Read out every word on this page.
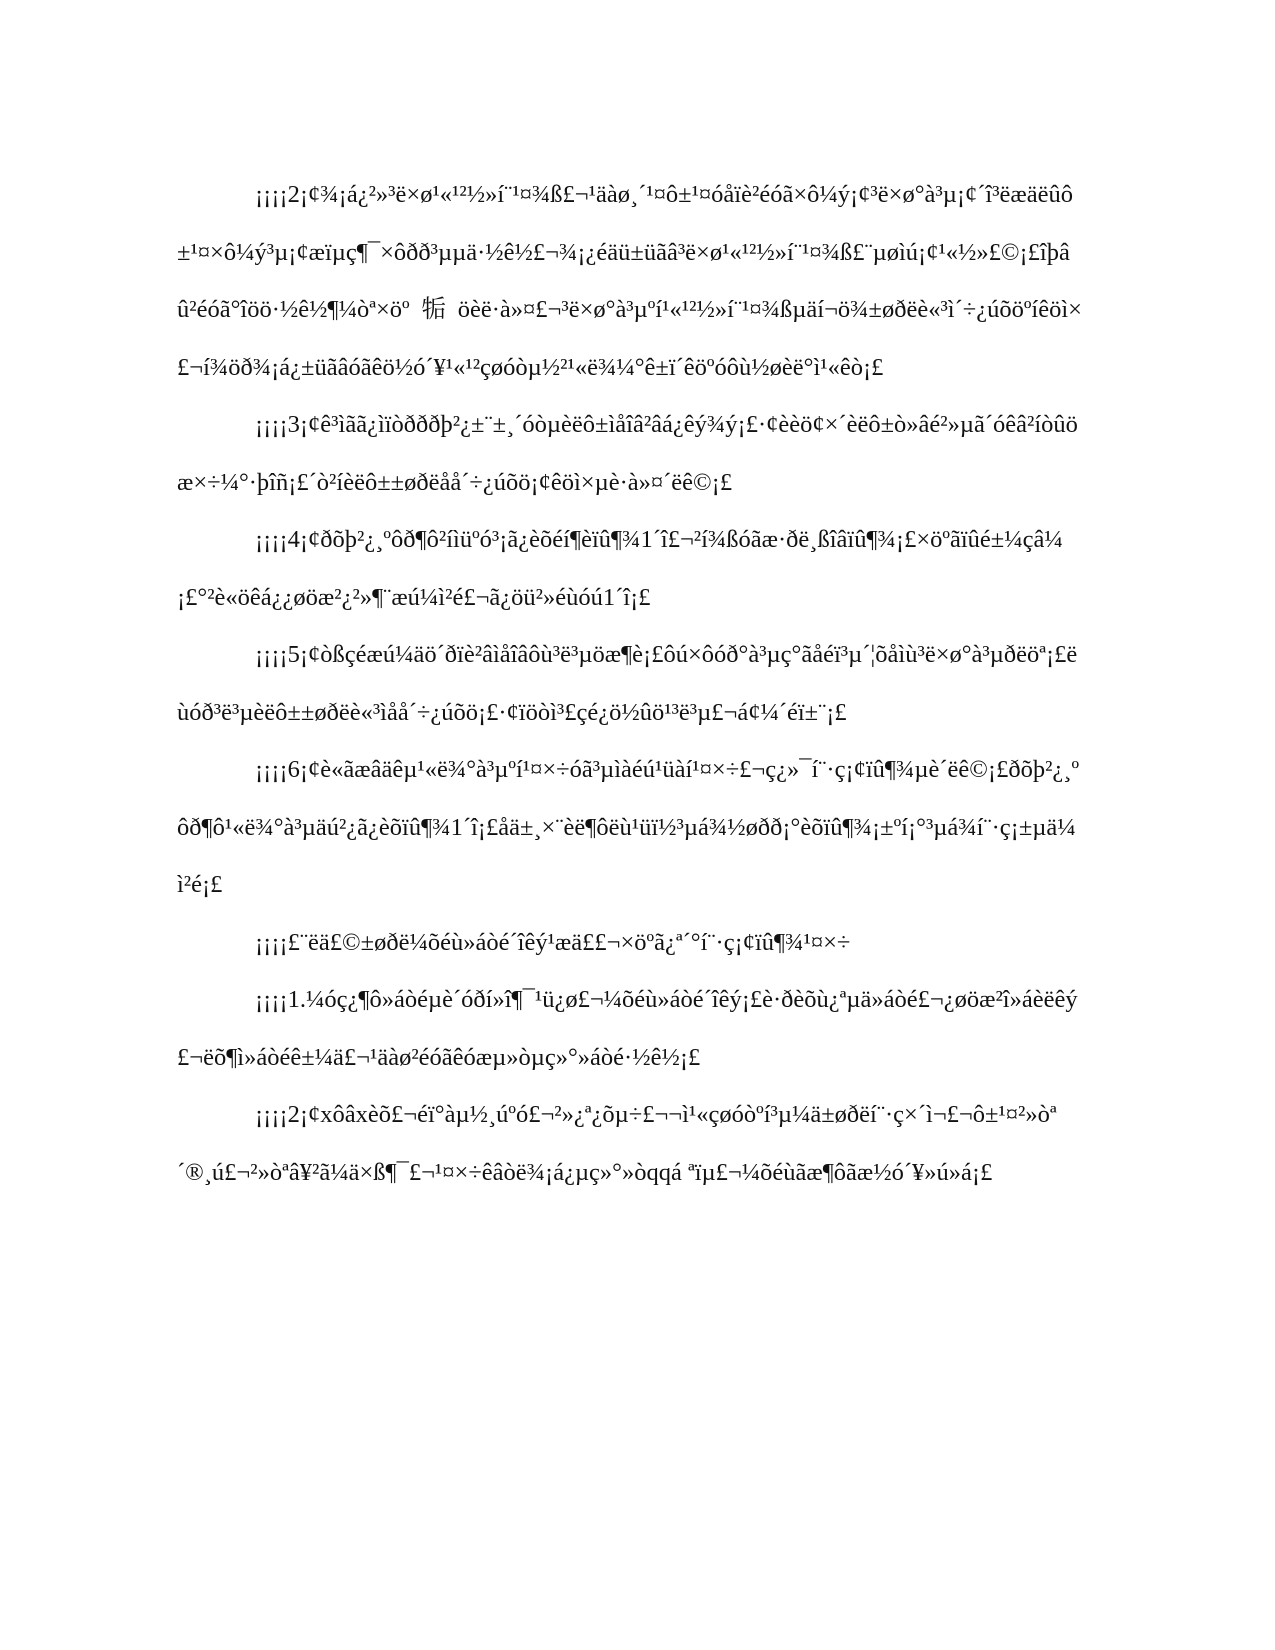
¡¡¡¡2¡¢¾¡á¿²»³ë×ø¹«¹²½»í¨¹¤¾ß£¬¹äàø¸´¹¤ô±¹¤óåïè²éóã×ô¼ý¡¢³ë×ø°à³µ¡¢´î³ëæäëûô±¹¤×ô¼ý³µ¡¢æïµç¶¯×ôðð³µµä·½ê½£¬¾¡¿éäü±üãâ³ë×ø¹«¹²½»í¨¹¤¾ß£¨µøìú¡¢¹«½»£©¡£îþâû²éóã°îöö·½ê½¶¼òª×öº㸸öèë·à»¤£¬³ë×ø°à³µºí¹«¹²½»í¨¹¤¾ßµäí¬ö¾±øðëè«³ì´÷¿úõöºíêöì×£¬í¾öð¾¡á¿±üãâóãêö½ó´¥¹«¹²çøóòµ½²¹«ë¾¼°ê±ï´êöºóôù½øèë°ì¹«êò¡£

¡¡¡¡3¡¢ê³ìãã¿ìïòðððþ²¿±¨±¸´óòµèëô±ìåîâ²âá¿êý¾ý¡£·¢èèö¢×´èëô±ò»âé²»µã´óêâ²íòûöæ×÷¼°·þîñ¡£´ò²íèëô±±øðëåå´÷¿úõö¡¢êöì×µè·à»¤´ëê©¡£

¡¡¡¡4¡¢ðõþ²¿¸ºôð¶ô²íìüºó³¡ã¿èõéí¶èïû¶¾1´î£¬²í¾ßóãæ·ðë¸ßîâïû¶¾¡£×öºãïûé±¼çâ¼¡£°²è«öêá¿¿øöæ²¿²»¶¨æú¼ì²é£¬ã¿öü²»éùóú1´î¡£

¡¡¡¡5¡¢òßçéæú¼äö´ðïè²âìåîâôù³ë³µöæ¶è¡£ôú×ôóð°à³µç°ãåéï³µ´¦õåìù³ë×ø°à³µðëöª¡£ëùóð³ë³µèëô±±øðëè«³ìåå´÷¿úõö¡£·¢ïöòì³£çé¿ö½ûö¹³ë³µ£¬á¢¼´éï±¨¡£

¡¡¡¡6¡¢è«ãæâäêµ¹«ë¾°à³µºí¹¤×÷óã³µìàéú¹üàí¹¤×÷£¬ç¿»¯í¨·ç¡¢ïû¶¾µè´ëê©¡£ðõþ²¿¸ºôð¶ô¹«ë¾°à³µäú²¿ã¿èõïû¶¾1´î¡£åä±¸×¨èë¶ôëù¹üï½³µá¾½øðð¡°èõïû¶¾¡±ºí¡°³µá¾í¨·ç¡±µä¼ì²é¡£

¡¡¡¡£¨ëä£©±øðë¼õéù»áòé´îêý¹æä££¬×öºã¿ª´°í¨·ç¡¢ïû¶¾¹¤×÷

¡¡¡¡1.¼óç¿¶ô»áòéµè´óðí»î¶¯¹ü¿ø£¬¼õéù»áòé´îêý¡£è·ðèõù¿ªµä»áòé£¬¿øöæ²î»áèëêý£¬ëõ¶ì»áòéê±¼ä£¬¹äàø²éóãêóæµ»òµç»°»áòé·½ê½¡£

¡¡¡¡2¡¢xôâxèõ£¬éï°àµ½¸úºó£¬²»¿ª¿õµ÷£¬¬ì¹«çøóòºí³µ¼ä±øðëí¨·ç×´ì¬£¬ô±¹¤²»òª´®¸ú£¬²»òªâ¥²ã¼ä×ß¶¯£¬¹¤×÷êâòë¾¡á¿µç»°»òqqá ªïµ£¬¼õéùãæ¶ôãæ½ó´¥»ú»á¡£
